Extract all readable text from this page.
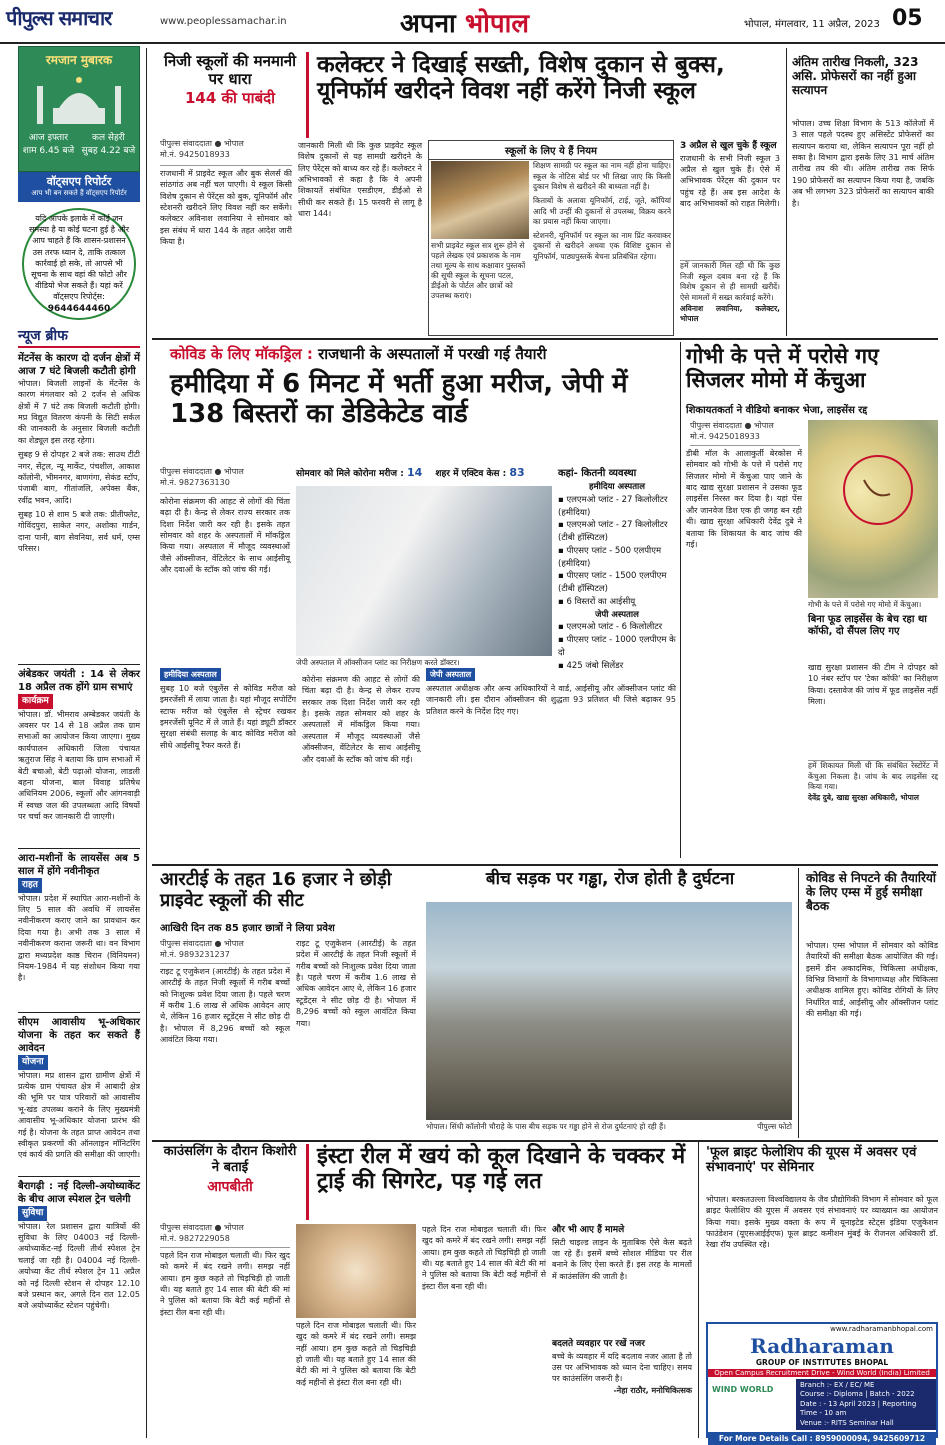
पीपुल्स समाचार	www.peoplessamachar.in	अपना भोपाल	भोपाल, मंगलवार, 11 अप्रैल, 2023 05
रमजान मुबारक
आज इफ्तार
शाम 6.45 बजे
कल सेहरी
सुबह 4.22 बजे
वॉट्सएप रिपोर्टर
आप भी बन सकते हैं वॉट्सएप रिपोर्टर
यदि आपके इलाके में कोई जन समस्या है या कोई घटना हुई है और आप चाहते हैं कि शासन-प्रशासन उस तरफ ध्यान दे, ताकि तत्काल कार्रवाई हो सके, तो आपसे भी सूचना के साथ वहां की फोटो और वीडियो भेज सकते हैं। यहां करें वॉट्सएप रिपोर्ट्स:
9644644460
न्यूज ब्रीफ
मेंटनेंस के कारण दो दर्जन क्षेत्रों में आज 7 घंटे बिजली कटौती होगी
भोपाल। बिजली लाइनों के मेंटनेंस के कारण मंगलवार को 2 दर्जन से अधिक क्षेत्रों में 7 घंटे तक बिजली कटौती होगी। मप्र विद्युत वितरण कंपनी के सिटी सर्कल की जानकारी के अनुसार बिजली कटौती का शेड्यूल इस तरह रहेगा।
सुबह 9 से दोपहर 2 बजे तक: साउथ टीटी नगर, सेंट्रल, न्यू मार्केट, पंचशील, आकाश कॉलोनी, भीमनगर, बाणगंगा, सेकंड स्टॉप, पंजाबी बाग, गीतांजलि, अपेक्स बैंक, रवींद्र भवन, आदि।
सुबह 10 से शाम 5 बजे तक: प्रीतीफ्लेट, गोविंदपुरा, साकेत नगर, अशोका गार्डन, दाना पानी, बाग सेवनिया, सर्व धर्म, एम्स परिसर।
अंबेडकर जयंती : 14 से लेकर 18 अप्रैल तक होंगे ग्राम सभाएं
कार्यक्रम
भोपाल। डॉ. भीमराव अम्बेडकर जयंती के अवसर पर 14 से 18 अप्रैल तक ग्राम सभाओं का आयोजन किया जाएगा। मुख्य कार्यपालन अधिकारी जिला पंचायत ऋतुराज सिंह ने बताया कि ग्राम सभाओं में बेटी बचाओ, बेटी पढ़ाओ योजना, लाडली बहना योजना, बाल विवाह प्रतिषेध अधिनियम 2006, स्कूलों और आंगनवाड़ी में स्वच्छ जल की उपलब्धता आदि विषयों पर चर्चा कर जानकारी दी जाएगी।
आरा-मशीनों के लायसेंस अब 5 साल में होंगे नवीनीकृत
राहत
भोपाल। प्रदेश में स्थापित आरा-मशीनों के लिए 5 साल की अवधि में लायसेंस नवीनीकरण कराए जाने का प्रावधान कर दिया गया है। अभी तक 3 साल में नवीनीकरण कराना जरूरी था। वन विभाग द्वारा मध्यप्रदेश काष्ठ चिरान (विनियमन) नियम-1984 में यह संशोधन किया गया है।
सीएम आवासीय भू-अधिकार योजना के तहत कर सकते हैं आवेदन
योजना
भोपाल। मप्र शासन द्वारा ग्रामीण क्षेत्रों में प्रत्येक ग्राम पंचायत क्षेत्र में आबादी क्षेत्र की भूमि पर पात्र परिवारों को आवासीय भू-खंड उपलब्ध कराने के लिए मुख्यमंत्री आवासीय भू-अधिकार योजना प्रारंभ की गई है। योजना के तहत प्राप्त आवेदन तथा स्वीकृत प्रकरणों की ऑनलाइन मॉनिटरिंग एवं कार्य की प्रगति की समीक्षा की जाएगी।
बैरागढ़ी : नई दिल्ली-अयोध्याकेंट के बीच आज स्पेशल ट्रेन चलेगी
सुविधा
भोपाल। रेल प्रशासन द्वारा यात्रियों की सुविधा के लिए 04003 नई दिल्ली-अयोध्याकेंट-नई दिल्ली तीर्थ स्पेशल ट्रेन चलाई जा रही है। 04004 नई दिल्ली-अयोध्या केंट तीर्थ स्पेशल ट्रेन 11 अप्रैल को नई दिल्ली स्टेशन से दोपहर 12.10 बजे प्रस्थान कर, अगले दिन रात 12.05 बजे अयोध्याकेंट स्टेशन पहुंचेगी।
निजी स्कूलों की मनमानी पर धारा
144 की पाबंदी
कलेक्टर ने दिखाई सख्ती, विशेष दुकान से बुक्स, यूनिफॉर्म खरीदने विवश नहीं करेंगे निजी स्कूल
पीपुल्स संवाददाता ● भोपाल
मो.नं. 9425018933
राजधानी में प्राइवेट स्कूल और बुक सेलर्स की सांठगांठ अब नहीं चल पाएगी। ये स्कूल किसी विशेष दुकान से पेरेंट्स को बुक, यूनिफॉर्म और स्टेशनरी खरीदने लिए विवश नहीं कर सकेंगे। कलेक्टर अविनाश लवानिया ने सोमवार को इस संबंध में धारा 144 के तहत आदेश जारी किया है।
जानकारी मिली थी कि कुछ प्राइवेट स्कूल विशेष दुकानों से यह सामग्री खरीदने के लिए पेरेंट्स को बाध्य कर रहे हैं। कलेक्टर ने अभिभावकों से कहा है कि वे अपनी शिकायतें संबंधित एसडीएम, डीईओ से सीधी कर सकते हैं। 15 फरवरी से लागू है धारा 144।
स्कूलों के लिए ये हैं नियम
सभी प्राइवेट स्कूल सत्र शुरू होने से पहले लेखक एवं प्रकाशक के नाम तथा मूल्य के साथ कक्षावार पुस्तकों की सूची स्कूल के सूचना पटल, डीईओ के पोर्टल और छात्रों को उपलब्ध कराएं।
शिक्षण सामग्री पर स्कूल का नाम नहीं होना चाहिए। स्कूल के नोटिस बोर्ड पर भी लिखा जाए कि किसी दुकान विशेष से खरीदने की बाध्यता नहीं है।
किताबों के अलावा यूनिफॉर्म, टाई, जूते, कॉपियां आदि भी उन्हीं की दुकानों से उपलब्ध, विक्रय करने का प्रयास नहीं किया जाएगा।
स्टेशनरी, यूनिफॉर्म पर स्कूल का नाम प्रिंट करवाकर दुकानों से खरीदने अथवा एक विशिष्ट दुकान से यूनिफॉर्म, पाठ्यपुस्तकें बेचना प्रतिबंधित रहेगा।
3 अप्रैल से खुल चुके हैं स्कूल
राजधानी के सभी निजी स्कूल 3 अप्रैल से खुल चुके हैं। ऐसे में अभिभावक पेरेंट्स की दुकान पर पहुंच रहे हैं। अब इस आदेश के बाद अभिभावकों को राहत मिलेगी।
हमें जानकारी मिल रही थी कि कुछ निजी स्कूल दबाव बना रहे हैं कि विशेष दुकान से ही सामग्री खरीदें। ऐसे मामलों में सख्त कार्रवाई करेंगे।
अविनाश लवानिया, कलेक्टर, भोपाल
अंतिम तारीख निकली, 323 असि. प्रोफेसरों का नहीं हुआ सत्यापन
भोपाल। उच्च शिक्षा विभाग के 513 कॉलेजों में 3 साल पहले पदस्थ हुए असिस्टेंट प्रोफेसरों का सत्यापन कराया था, लेकिन सत्यापन पूरा नहीं हो सका है। विभाग द्वारा इसके लिए 31 मार्च अंतिम तारीख तय की थी। अंतिम तारीख तक सिर्फ 190 प्रोफेसरों का सत्यापन किया गया है, जबकि अब भी लगभग 323 प्रोफेसरों का सत्यापन बाकी है।
कोविड के लिए मॉकड्रिल : राजधानी के अस्पतालों में परखी गई तैयारी
हमीदिया में 6 मिनट में भर्ती हुआ मरीज, जेपी में 138 बिस्तरों का डेडिकेटेड वार्ड
पीपुल्स संवाददाता ● भोपाल
मो.नं. 9827363130
कोरोना संक्रमण की आहट से लोगों की चिंता बढ़ा दी है। केन्द्र से लेकर राज्य सरकार तक दिशा निर्देश जारी कर रही है। इसके तहत सोमवार को शहर के अस्पतालों में मॉकड्रिल किया गया। अस्पताल में मौजूद व्यवस्थाओं जैसे ऑक्सीजन, वेंटिलेटर के साथ आईसीयू और दवाओं के स्टॉक को जांच की गई।
सोमवार को मिले कोरोना मरीज : 14 शहर में एक्टिव केस : 83
जेपी अस्पताल में ऑक्सीजन प्लांट का निरीक्षण करते डॉक्टर।
कहां- कितनी व्यवस्था
हमीदिया अस्पताल
▪ एलएमओ प्लांट - 27 किलोलीटर (हमीदिया)
▪ एलएमओ प्लांट - 27 किलोलीटर (टीबी हॉस्पिटल)
▪ पीएसए प्लांट - 500 एलपीएम (हमीदिया)
▪ पीएसए प्लांट - 1500 एलपीएम (टीबी हॉस्पिटल)
▪ 6 विस्तरों का आईसीयू
जेपी अस्पताल
▪ एलएमओ प्लांट - 6 किलोलीटर
▪ पीएसए प्लांट - 1000 एलपीएम के दो
▪ 425 जंबो सिलेंडर
हमीदिया अस्पताल
सुबह 10 बजे एंबुलेंस से कोविड मरीज को इमरजेंसी में लाया जाता है। यहां मौजूद सपोर्टिंग स्टाफ मरीज को एंबुलेंस से स्ट्रेचर रखकर इमरजेंसी यूनिट में ले जाते हैं। यहां ड्यूटी डॉक्टर सुरक्षा संबंधी सलाह के बाद कोविड मरीज को सीधे आईसीयू रैफर करते हैं।
कोरोना संक्रमण की आहट से लोगों की चिंता बढ़ा दी है। केन्द्र से लेकर राज्य सरकार तक दिशा निर्देश जारी कर रही है। इसके तहत सोमवार को शहर के अस्पतालों में मॉकड्रिल किया गया। अस्पताल में मौजूद व्यवस्थाओं जैसे ऑक्सीजन, वेंटिलेटर के साथ आईसीयू और दवाओं के स्टॉक को जांच की गई।
जेपी अस्पताल
अस्पताल अधीक्षक और अन्य अधिकारियों ने वार्ड, आईसीयू और ऑक्सीजन प्लांट की जानकारी ली। इस दौरान ऑक्सीजन की शुद्धता 93 प्रतिशत थी जिसे बढ़ाकर 95 प्रतिशत करने के निर्देश दिए गए।
गोभी के पत्ते में परोसे गए सिजलर मोमो में केंचुआ
शिकायतकर्ता ने वीडियो बनाकर भेजा, लाइसेंस रद्द
पीपुल्स संवाददाता ● भोपाल
मो.नं. 9425018933
डीबी मॉल के आलाकुर्ती बेरकोस में सोमवार को गोभी के पत्ते में परोसे गए सिजलर मोमो में केंचुआ पाए जाने के बाद खाद्य सुरक्षा प्रशासन ने उसका फूड लाइसेंस निरस्त कर दिया है। यहां पेंस और जानवेज डिश एक ही जगह बन रही थी। खाद्य सुरक्षा अधिकारी देवेंद्र दुबे ने बताया कि शिकायत के बाद जांच की गई।
गोभी के पत्ते में परोसे गए मोमो में केंचुआ।
बिना फूड लाइसेंस के बेच रहा था कॉफी, दो सैंपल लिए गए
खाद्य सुरक्षा प्रशासन की टीम ने दोपहर को 10 नंबर स्टॉप पर 'टेका कॉफी' का निरीक्षण किया। दस्तावेज की जांच में फूड लाइसेंस नहीं मिला।
हमें शिकायत मिली थी कि संबंधित रेस्टोरेंट में केंचुआ निकला है। जांच के बाद लाइसेंस रद्द किया गया।
देवेंद्र दुबे, खाद्य सुरक्षा अधिकारी, भोपाल
आरटीई के तहत 16 हजार ने छोड़ी प्राइवेट स्कूलों की सीट
आखिरी दिन तक 85 हजार छात्रों ने लिया प्रवेश
पीपुल्स संवाददाता ● भोपाल
मो.नं. 9893231237
राइट टू एजुकेशन (आरटीई) के तहत प्रदेश में आरटीई के तहत निजी स्कूलों में गरीब बच्चों को निःशुल्क प्रवेश दिया जाता है। पहले चरण में करीब 1.6 लाख से अधिक आवेदन आए थे, लेकिन 16 हजार स्टूडेंट्स ने सीट छोड़ दी है। भोपाल में 8,296 बच्चों को स्कूल आवंटित किया गया।
राइट टू एजुकेशन (आरटीई) के तहत प्रदेश में आरटीई के तहत निजी स्कूलों में गरीब बच्चों को निःशुल्क प्रवेश दिया जाता है। पहले चरण में करीब 1.6 लाख से अधिक आवेदन आए थे, लेकिन 16 हजार स्टूडेंट्स ने सीट छोड़ दी है। भोपाल में 8,296 बच्चों को स्कूल आवंटित किया गया।
बीच सड़क पर गड्ढा, रोज होती है दुर्घटना
भोपाल। सिंधी कॉलोनी चौराहे के पास बीच सड़क पर गड्ढा होने से रोज दुर्घटनाएं हो रही हैं।	पीपुल्स फोटो
कोविड से निपटने की तैयारियों के लिए एम्स में हुई समीक्षा बैठक
भोपाल। एम्स भोपाल में सोमवार को कोविड तैयारियों की समीक्षा बैठक आयोजित की गई। इसमें डीन अकादमिक, चिकित्सा अधीक्षक, विभिन्न विभागों के विभागाध्यक्ष और चिकित्सा अधीक्षक शामिल हुए। कोविड रोगियों के लिए निर्धारित वार्ड, आईसीयू और ऑक्सीजन प्लांट की समीक्षा की गई।
काउंसलिंग के दौरान किशोरी ने बताई
आपबीती
इंस्टा रील में खयं को कूल दिखाने के चक्कर में ट्राई की सिगरेट, पड़ गई लत
पीपुल्स संवाददाता ● भोपाल
मो.नं. 9827229058
पहले दिन राज मोबाइल चलाती थी। फिर खुद को कमरे में बंद रखने लगी। समझ नहीं आया। हम कुछ कहते तो चिड़चिड़ी हो जाती थी। यह बताते हुए 14 साल की बेटी की मां ने पुलिस को बताया कि बेटी कई महीनों से इंस्टा रील बना रही थी।
पहले दिन राज मोबाइल चलाती थी। फिर खुद को कमरे में बंद रखने लगी। समझ नहीं आया। हम कुछ कहते तो चिड़चिड़ी हो जाती थी। यह बताते हुए 14 साल की बेटी की मां ने पुलिस को बताया कि बेटी कई महीनों से इंस्टा रील बना रही थी।
पहले दिन राज मोबाइल चलाती थी। फिर खुद को कमरे में बंद रखने लगी। समझ नहीं आया। हम कुछ कहते तो चिड़चिड़ी हो जाती थी। यह बताते हुए 14 साल की बेटी की मां ने पुलिस को बताया कि बेटी कई महीनों से इंस्टा रील बना रही थी।
और भी आए हैं मामले
सिटी चाइल्ड लाइन के मुताबिक ऐसे केस बढ़ते जा रहे हैं। इसमें बच्चे सोशल मीडिया पर रील बनाने के लिए ऐसा करते हैं। इस तरह के मामलों में काउंसलिंग की जाती है।
बदलते व्यवहार पर रखें नजर
बच्चे के व्यवहार में यदि बदलाव नजर आता है तो उस पर अभिभावक को ध्यान देना चाहिए। समय पर काउंसलिंग जरूरी है।
-नेहा राठौर, मनोचिकित्सक
'फूल ब्राइट फेलोशिप की यूएस में अवसर एवं संभावनाएं' पर सेमिनार
भोपाल। बरकतउल्ला विश्वविद्यालय के जैव प्रौद्योगिकी विभाग में सोमवार को फूल ब्राइट फेलोशिप की यूएस में अवसर एवं संभावनाएं पर व्याख्यान का आयोजन किया गया। इसके मुख्य वक्ता के रूप में यूनाइटेड स्टेट्स इंडिया एजुकेशन फाउंडेशन (यूएसआईईएफ) फूल ब्राइट कमीशन मुंबई के रीजनल अधिकारी डॉ. रेखा रॉय उपस्थित रहे।
www.radharamanbhopal.com
Radharaman
GROUP OF INSTITUTES BHOPAL
Open Campus Recruitment Drive - Wind World (India) Limited
WIND WORLD	Branch :- EX / EC/ ME
Course :- Diploma | Batch - 2022
Date : - 13 April 2023 | Reporting Time - 10 am
Venue :- RITS Seminar Hall
For More Details Call : 8959000094, 9425609712
